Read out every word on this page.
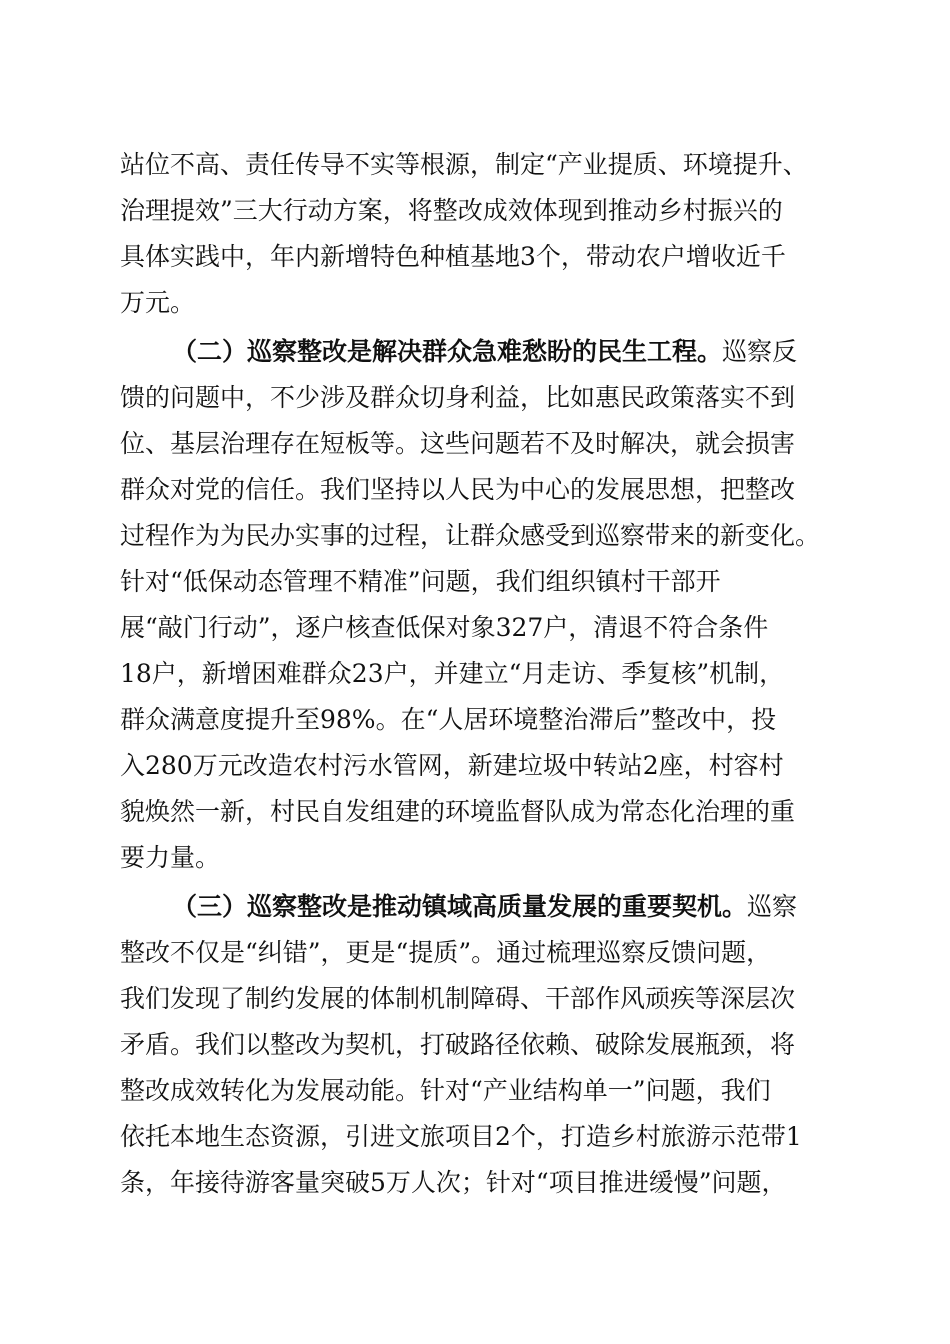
站位不高、责任传导不实等根源，制定“产业提质、环境提升、
治理提效”三大行动方案，将整改成效体现到推动乡村振兴的
具体实践中，年内新增特色种植基地3个，带动农户增收近千
万元。
（二）巡察整改是解决群众急难愁盼的民生工程。巡察反
馈的问题中，不少涉及群众切身利益，比如惠民政策落实不到
位、基层治理存在短板等。这些问题若不及时解决，就会损害
群众对党的信任。我们坚持以人民为中心的发展思想，把整改
过程作为为民办实事的过程，让群众感受到巡察带来的新变化。
针对“低保动态管理不精准”问题，我们组织镇村干部开
展“敲门行动”，逐户核查低保对象327户，清退不符合条件
18户，新增困难群众23户，并建立“月走访、季复核”机制，
群众满意度提升至98%。在“人居环境整治滞后”整改中，投
入280万元改造农村污水管网，新建垃圾中转站2座，村容村
貌焕然一新，村民自发组建的环境监督队成为常态化治理的重
要力量。
（三）巡察整改是推动镇域高质量发展的重要契机。巡察
整改不仅是“纠错”，更是“提质”。通过梳理巡察反馈问题，
我们发现了制约发展的体制机制障碍、干部作风顽疾等深层次
矛盾。我们以整改为契机，打破路径依赖、破除发展瓶颈，将
整改成效转化为发展动能。针对“产业结构单一”问题，我们
依托本地生态资源，引进文旅项目2个，打造乡村旅游示范带1
条，年接待游客量突破5万人次；针对“项目推进缓慢”问题，
